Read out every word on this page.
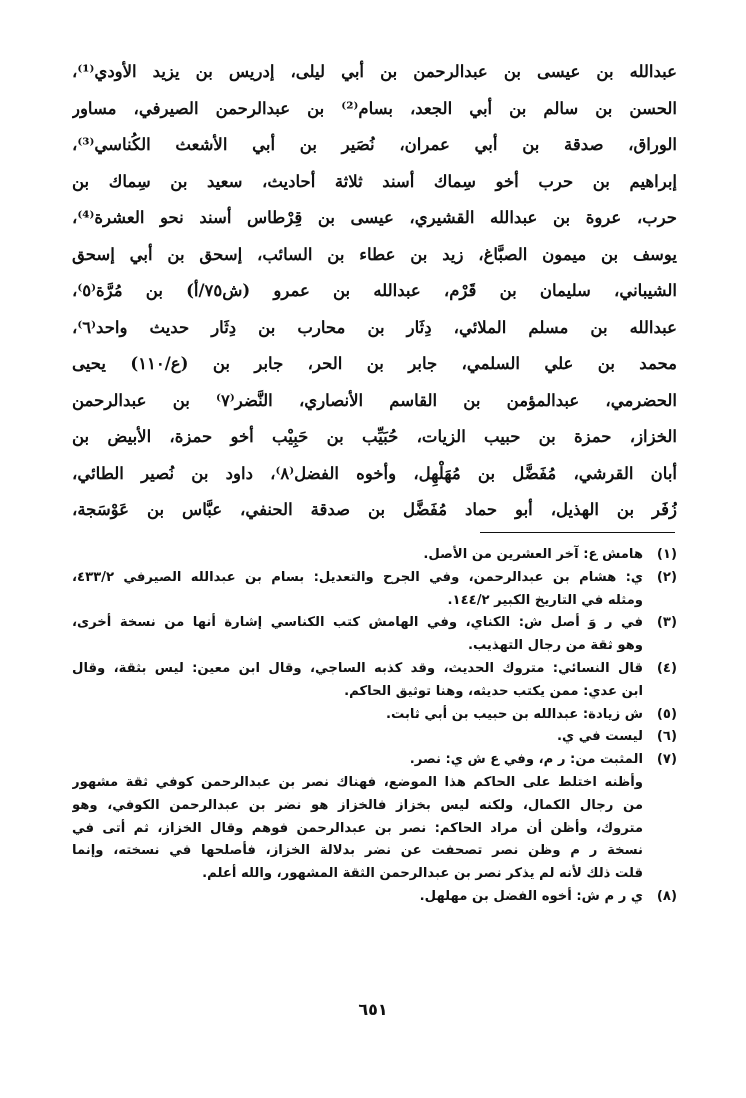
عبدالله بن عيسى بن عبدالرحمن بن أبي ليلى، إدريس بن يزيد الأودي⁽¹⁾،
الحسن بن سالم بن أبي الجعد، بسام⁽²⁾ بن عبدالرحمن الصيرفي، مساور
الوراق، صدقة بن أبي عمران، نُصَير بن أبي الأشعث الكُناسي⁽³⁾،
إبراهيم بن حرب أخو سِماك أسند ثلاثة أحاديث، سعيد بن سِماك بن
حرب، عروة بن عبدالله القشيري، عيسى بن قِرْطاس أسند نحو العشرة⁽⁴⁾،
يوسف بن ميمون الصبَّاغ، زيد بن عطاء بن السائب، إسحق بن أبي إسحق
الشيباني، سليمان بن قَرْم، عبدالله بن عمرو (ش٧٥/أ) بن مُرَّة⁽٥⁾،
عبدالله بن مسلم الملائي، دِثَار بن محارب بن دِثَار حديث واحد⁽٦⁾،
محمد بن علي السلمي، جابر بن الحر، جابر بن (ع/١١٠) يحيى
الحضرمي، عبدالمؤمن بن القاسم الأنصاري، النَّضر⁽٧⁾ بن عبدالرحمن
الخزاز، حمزة بن حبيب الزيات، حُبَيِّب بن حَبِيْب أخو حمزة، الأبيض بن
أبان القرشي، مُفَضَّل بن مُهَلْهِل، وأخوه الفضل⁽٨⁾، داود بن نُصير الطائي،
زُفَر بن الهذيل، أبو حماد مُفَضَّل بن صدقة الحنفي، عبَّاس بن عَوْسَجة،
(١)
هامش ع: آخر العشرين من الأصل.
(٢)
ي: هشام بن عبدالرحمن، وفي الجرح والتعديل: بسام بن عبدالله الصيرفي ٤٣٣/٢،
ومثله في التاريخ الكبير ١٤٤/٢.
(٣)
في ر وَ أصل ش: الكناي، وفي الهامش كتب الكناسي إشارة أنها من نسخة أخرى،
وهو ثقة من رجال التهذيب.
(٤)
قال النسائي: متروك الحديث، وقد كذبه الساجي، وقال ابن معين: ليس بثقة، وقال
ابن عدي: ممن يكتب حديثه، وهنا توثيق الحاكم.
(٥)
ش زيادة: عبدالله بن حبيب بن أبي ثابت.
(٦)
ليست في ي.
(٧)
المثبت من: ر م، وفي ع ش ي: نصر.
وأظنه اختلط على الحاكم هذا الموضع، فهناك نصر بن عبدالرحمن كوفي ثقة مشهور
من رجال الكمال، ولكنه ليس بخزاز فالخزاز هو نضر بن عبدالرحمن الكوفي، وهو
متروك، وأظن أن مراد الحاكم: نصر بن عبدالرحمن فوهم وقال الخزاز، ثم أتى في
نسخة ر م وظن نصر تصحفت عن نضر بدلالة الخزاز، فأصلحها في نسخته، وإنما
قلت ذلك لأنه لم يذكر نصر بن عبدالرحمن الثقة المشهور، والله أعلم.
(٨)
ي ر م ش: أخوه الفضل بن مهلهل.
٦٥١
